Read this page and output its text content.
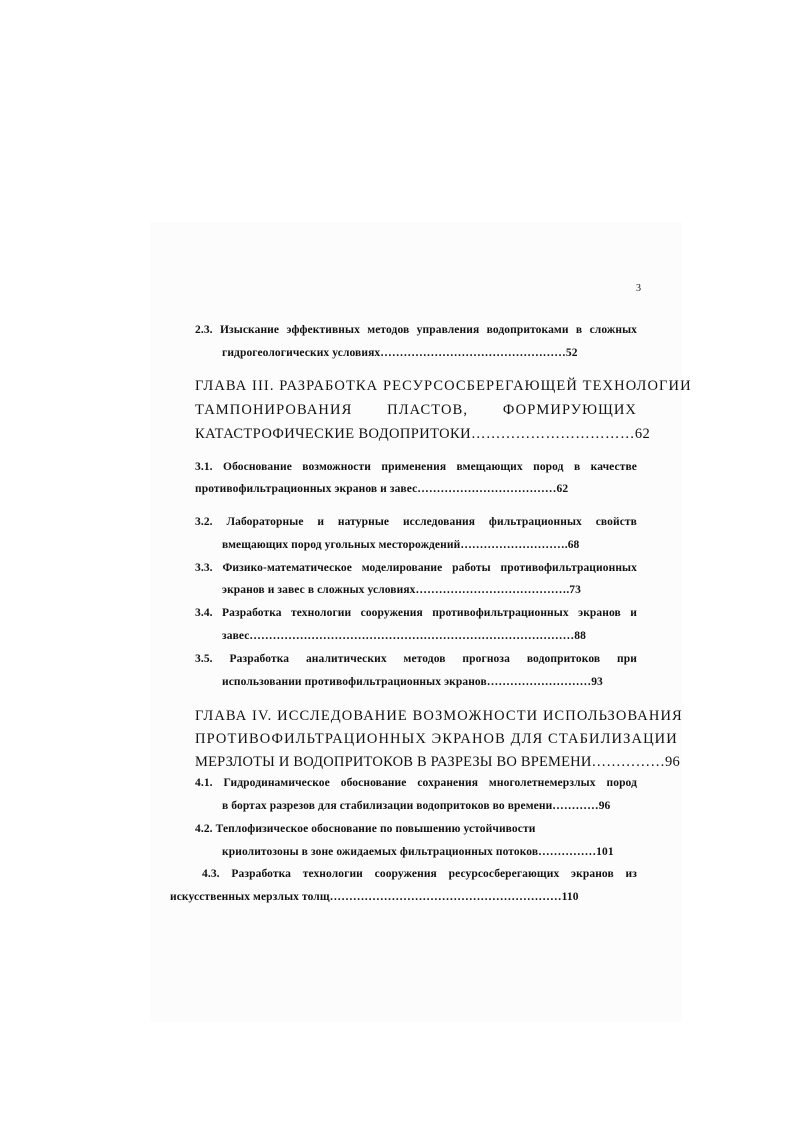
3
2.3. Изыскание эффективных методов управления водопритоками в сложных
гидрогеологических условиях…………………………………………52
ГЛАВА III. РАЗРАБОТКА РЕСУРСОСБЕРЕГАЮЩЕЙ ТЕХНОЛОГИИ
ТАМПОНИРОВАНИЯ ПЛАСТОВ, ФОРМИРУЮЩИХ
КАТАСТРОФИЧЕСКИЕ ВОДОПРИТОКИ……………………………62
3.1. Обоснование возможности применения вмещающих пород в качестве
противофильтрационных экранов и завес………………………………62
3.2. Лабораторные и натурные исследования фильтрационных свойств
вмещающих пород угольных месторождений……………………….68
3.3. Физико-математическое моделирование работы противофильтрационных
экранов и завес в сложных условиях………………………………….73
3.4. Разработка технологии сооружения противофильтрационных экранов и
завес…………………………………………………………………………88
3.5. Разработка аналитических методов прогноза водопритоков при
использовании противофильтрационных экранов………………………93
ГЛАВА IV. ИССЛЕДОВАНИЕ ВОЗМОЖНОСТИ ИСПОЛЬЗОВАНИЯ
ПРОТИВОФИЛЬТРАЦИОННЫХ ЭКРАНОВ ДЛЯ СТАБИЛИЗАЦИИ
МЕРЗЛОТЫ И ВОДОПРИТОКОВ В РАЗРЕЗЫ ВО ВРЕМЕНИ……………96
4.1. Гидродинамическое обоснование сохранения многолетнемерзлых пород
в бортах разрезов для стабилизации водопритоков во времени…………96
4.2. Теплофизическое обоснование по повышению устойчивости
криолитозоны в зоне ожидаемых фильтрационных потоков……………101
4.3. Разработка технологии сооружения ресурсосберегающих экранов из
искусственных мерзлых толщ……………………………………………………110
